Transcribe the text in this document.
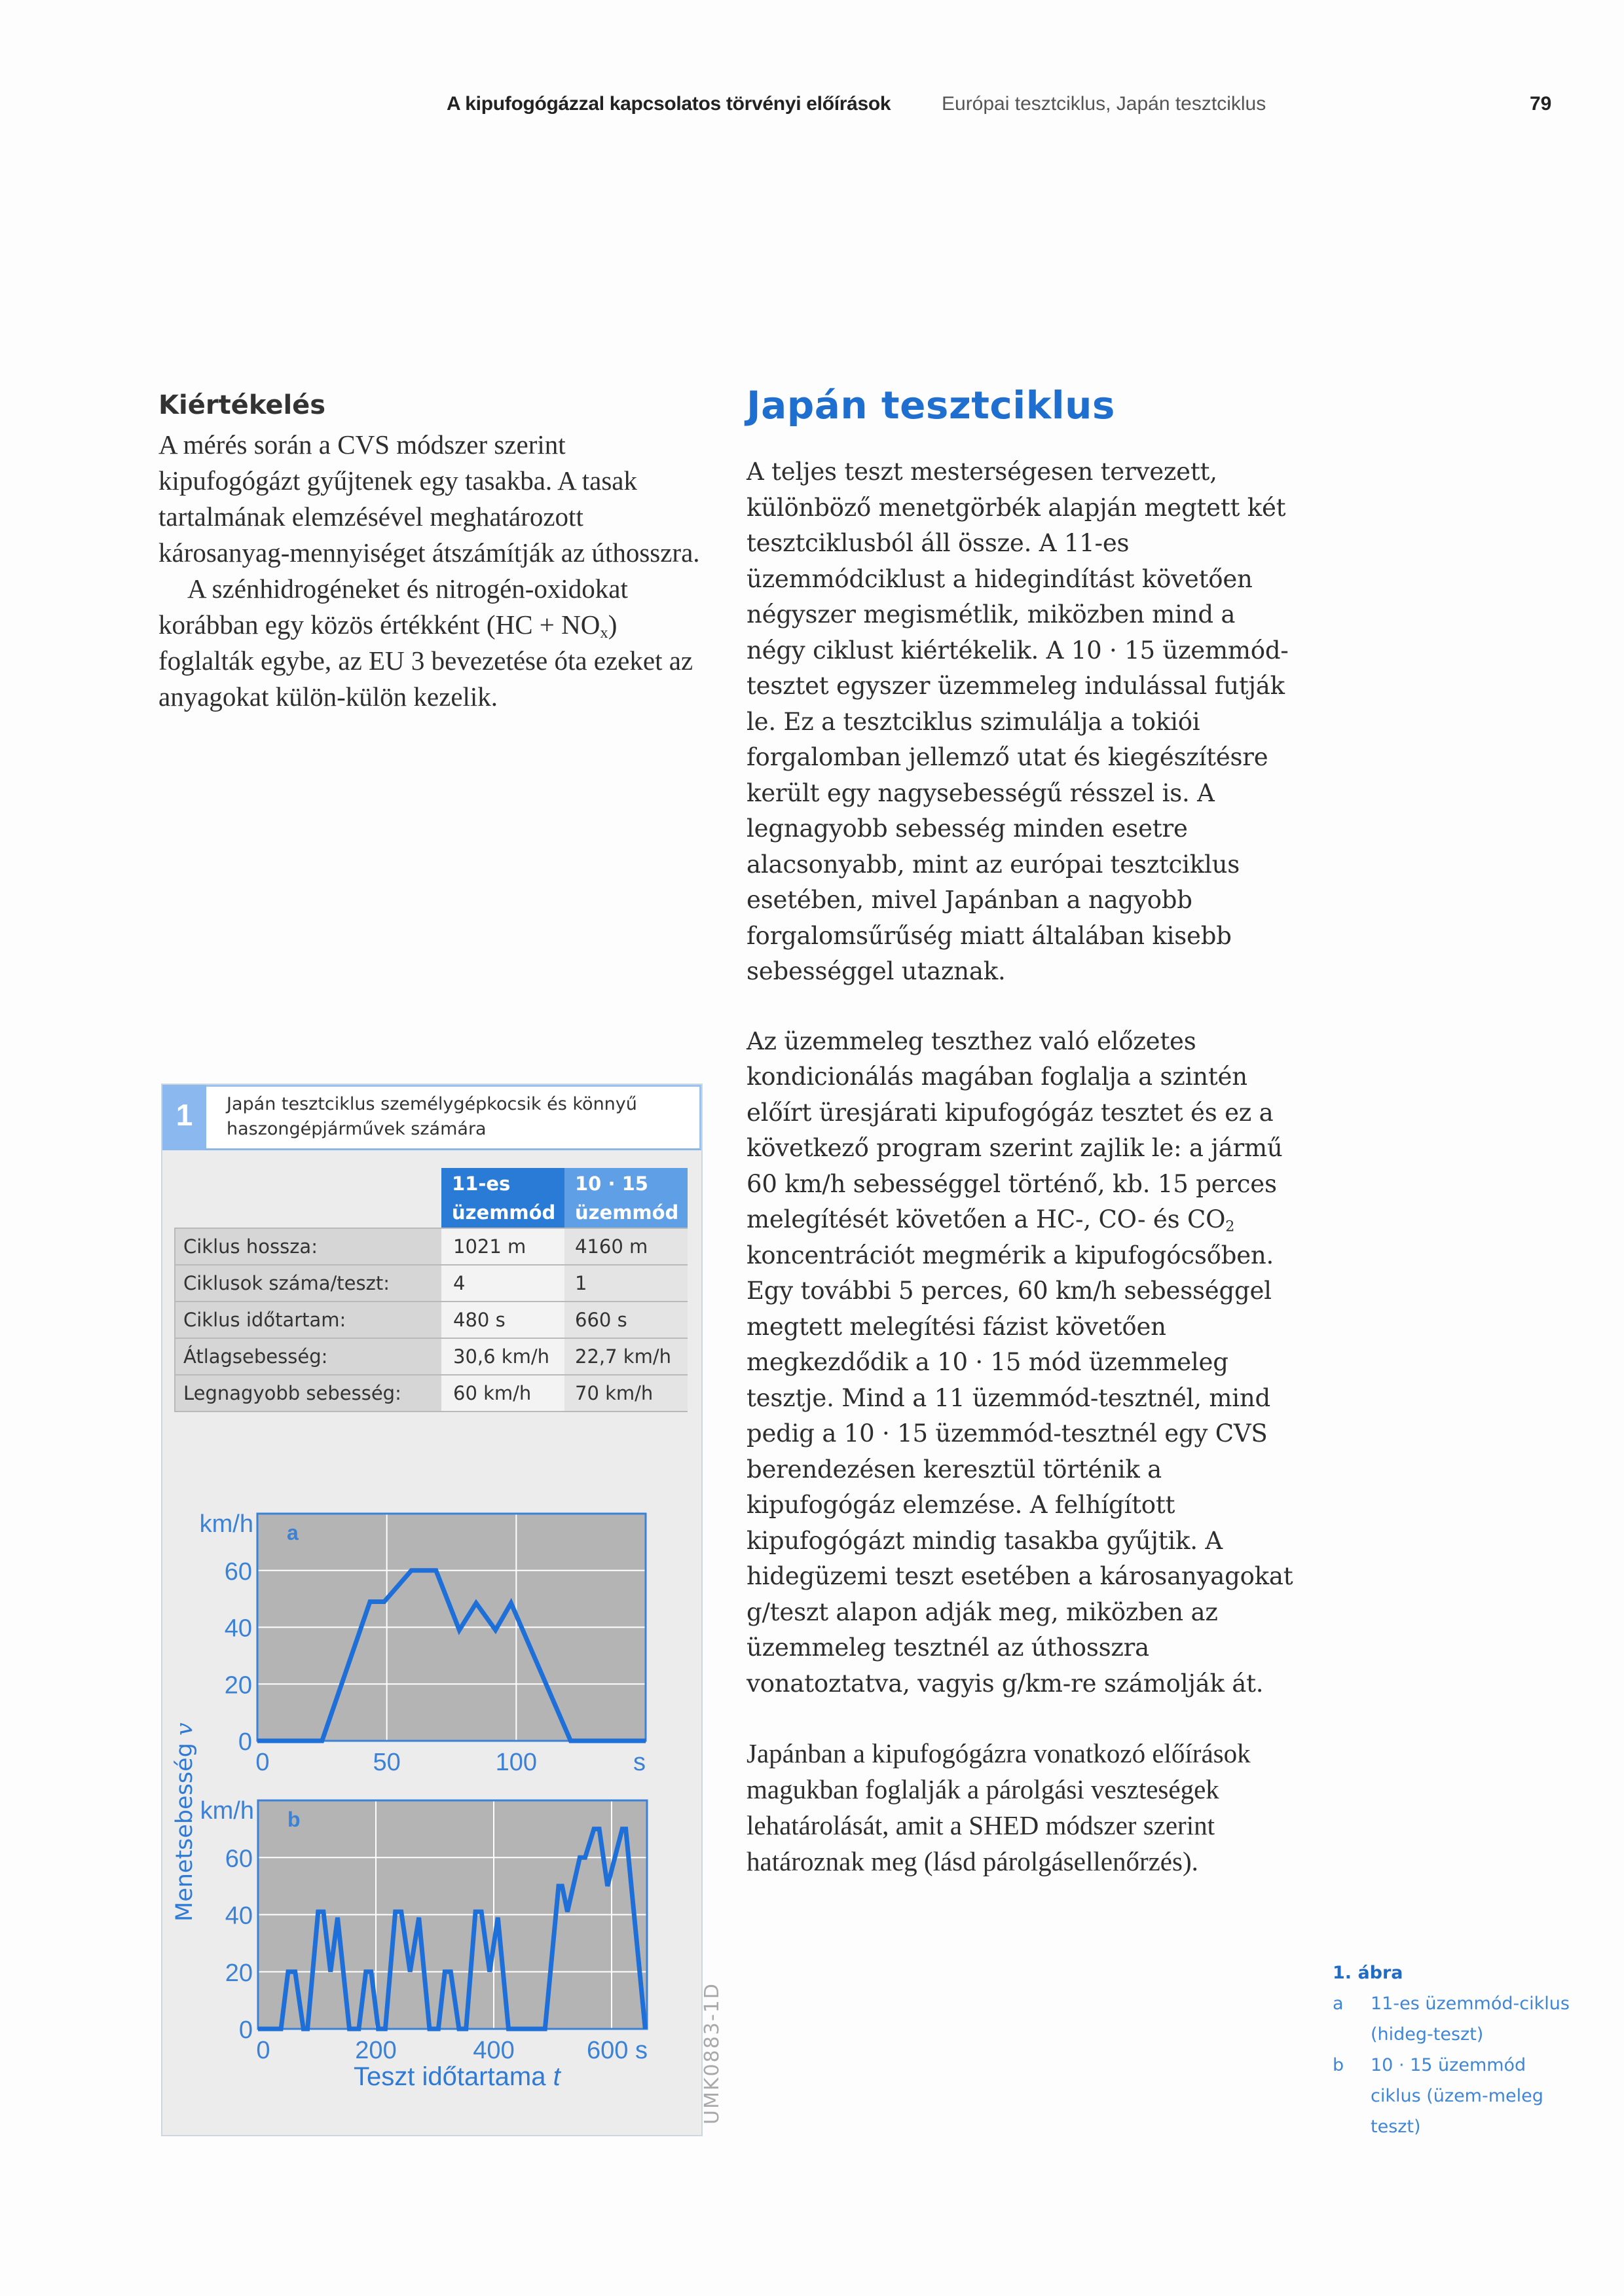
A kipufogógázzal kapcsolatos törvényi előírások	Európai tesztciklus, Japán tesztciklus	79
Kiértékelés

A mérés során a CVS módszer szerint kipufogógázt gyűjtenek egy tasakba. A tasak tartalmának elemzésével meghatározott károsanyag-mennyiséget átszámítják az úthosszra.

A szénhidrogéneket és nitrogén-oxidokat korábban egy közös értékként $(HC + NO_x)$ foglalták egybe, az EU 3 bevezetése óta ezeket az anyagokat külön-külön kezelik.

Japán tesztciklus

A teljes teszt mesterségesen tervezett, különböző menetgörbék alapján megtett két tesztciklusból áll össze. A 11-es üzemmódciklust a hidegindítást követően négyszer megismétlik, miközben mind a négy ciklust kiértékelik. A 10 · 15 üzemmód-tesztet egyszer üzemmeleg indulással futják le. Ez a tesztciklus szimulálja a tokiói forgalomban jellemző utat és kiegészítésre került egy nagysebességű résszel is. A legnagyobb sebesség minden esetre alacsonyabb, mint az európai tesztciklus esetében, mivel Japánban a nagyobb forgalomsűrűség miatt általában kisebb sebességgel utaznak.

Az üzemmeleg teszthez való előzetes kondicionálás magában foglalja a szintén előírt üresjárati kipufogógáz tesztet és ez a következő program szerint zajlik le: a jármű 60 km/h sebességgel történő, kb. 15 perces melegítését követően a HC-, CO- és $CO_2$ koncentrációt megmérik a kipufogócsőben. Egy további 5 perces, 60 km/h sebességgel megtett melegítési fázist követően megkezdődik a 10 · 15 mód üzemmeleg tesztje. Mind a 11 üzemmód-tesztnél, mind pedig a 10 · 15 üzemmód-tesztnél egy CVS berendezésen keresztül történik a kipufogógáz elemzése. A felhígított kipufogógázt mindig tasakba gyűjtik. A hidegüzemi teszt esetében a károsanyagokat g/teszt alapon adják meg, miközben az üzemmeleg tesztnél az úthosszra vonatoztatva, vagyis g/km-re számolják át.

Japánban a kipufogógázra vonatkozó előírások magukban foglalják a párolgási veszteségek lehatárolását, amit a SHED módszer szerint határoznak meg (lásd párolgásellenőrzés).

1	Japán tesztciklus személygépkocsik és könnyű haszongépjárművek számára
	11-es üzemmód	10 · 15 üzemmód
Ciklus hossza:	1021 m	4160 m
Ciklusok száma/teszt:	4	1
Ciklus időtartam:	480 s	660 s
Átlagsebesség:	30,6 km/h	22,7 km/h
Legnagyobb sebesség:	60 km/h	70 km/h
a
0
20
40
60
km/h
0	50	100	s
b
0
20
40
60
km/h
0	200	400	600 s
Menetsebesség v
Teszt időtartama t	UMK0883-1D
1. ábra
a	11-es üzemmód-ciklus (hideg-teszt)
b	10 · 15 üzemmód ciklus (üzem-meleg teszt)
